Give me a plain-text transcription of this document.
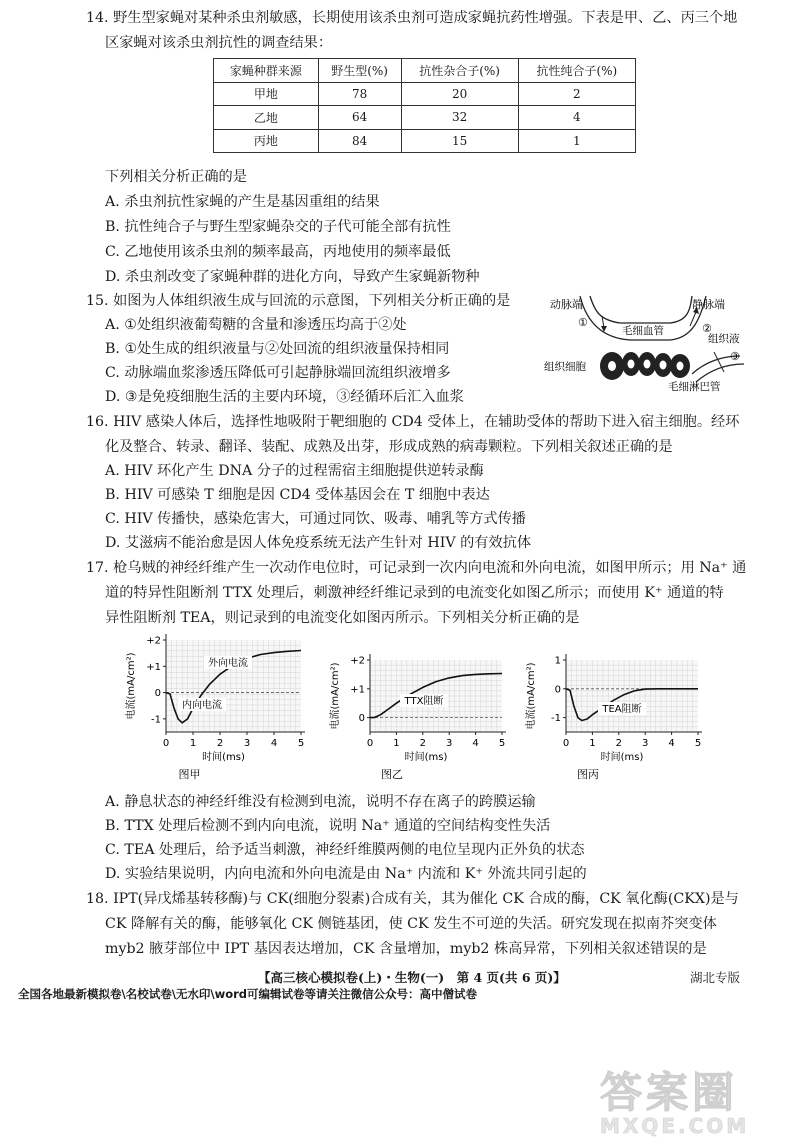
14. 野生型家蝇对某种杀虫剂敏感，长期使用该杀虫剂可造成家蝇抗药性增强。下表是甲、乙、丙三个地
区家蝇对该杀虫剂抗性的调查结果：
家蝇种群来源	野生型(%)	抗性杂合子(%)	抗性纯合子(%)
甲地	78	20	2
乙地	64	32	4
丙地	84	15	1
下列相关分析正确的是
A. 杀虫剂抗性家蝇的产生是基因重组的结果
B. 抗性纯合子与野生型家蝇杂交的子代可能全部有抗性
C. 乙地使用该杀虫剂的频率最高，丙地使用的频率最低
D. 杀虫剂改变了家蝇种群的进化方向，导致产生家蝇新物种
15. 如图为人体组织液生成与回流的示意图，下列相关分析正确的是
A. ①处组织液葡萄糖的含量和渗透压均高于②处
B. ①处生成的组织液量与②处回流的组织液量保持相同
C. 动脉端血浆渗透压降低可引起静脉端回流组织液增多
D. ③是免疫细胞生活的主要内环境，③经循环后汇入血浆
动脉端	静脉端
①
毛细血管	②
组织液
组织细胞
③
毛细淋巴管
16. HIV 感染人体后，选择性地吸附于靶细胞的 CD4 受体上，在辅助受体的帮助下进入宿主细胞。经环
化及整合、转录、翻译、装配、成熟及出芽，形成成熟的病毒颗粒。下列相关叙述正确的是
A. HIV 环化产生 DNA 分子的过程需宿主细胞提供逆转录酶
B. HIV 可感染 T 细胞是因 CD4 受体基因会在 T 细胞中表达
C. HIV 传播快，感染危害大，可通过同饮、吸毒、哺乳等方式传播
D. 艾滋病不能治愈是因人体免疫系统无法产生针对 HIV 的有效抗体
17. 枪乌贼的神经纤维产生一次动作电位时，可记录到一次内向电流和外向电流，如图甲所示；用 Na⁺ 通
道的特异性阻断剂 TTX 处理后，刺激神经纤维记录到的电流变化如图乙所示；而使用 K⁺ 通道的特
异性阻断剂 TEA，则记录到的电流变化如图丙所示。下列相关分析正确的是
-1
0
+1
+2
0 1 2 3 4 5
时间(ms)
电流(mA/cm²)
图甲
外向电流
内向电流
0
+1
+2
0 1 2 3 4 5
时间(ms)
电流(mA/cm²)
图乙
TTX阻断
-1
0
1
0 1 2 3 4 5
时间(ms)
电流(mA/cm²)
图丙
TEA阻断
A. 静息状态的神经纤维没有检测到电流，说明不存在离子的跨膜运输
B. TTX 处理后检测不到内向电流，说明 Na⁺ 通道的空间结构变性失活
C. TEA 处理后，给予适当刺激，神经纤维膜两侧的电位呈现内正外负的状态
D. 实验结果说明，内向电流和外向电流是由 Na⁺ 内流和 K⁺ 外流共同引起的
18. IPT(异戊烯基转移酶)与 CK(细胞分裂素)合成有关，其为催化 CK 合成的酶，CK 氧化酶(CKX)是与
CK 降解有关的酶，能够氧化 CK 侧链基团，使 CK 发生不可逆的失活。研究发现在拟南芥突变体
myb2 腋芽部位中 IPT 基因表达增加，CK 含量增加，myb2 株高异常，下列相关叙述错误的是
【高三核心模拟卷(上)・生物(一)　第 4 页(共 6 页)】	湖北专版
全国各地最新模拟卷\名校试卷\无水印\word可编辑试卷等请关注微信公众号：高中僧试卷
答案圈
MXQE.COM
